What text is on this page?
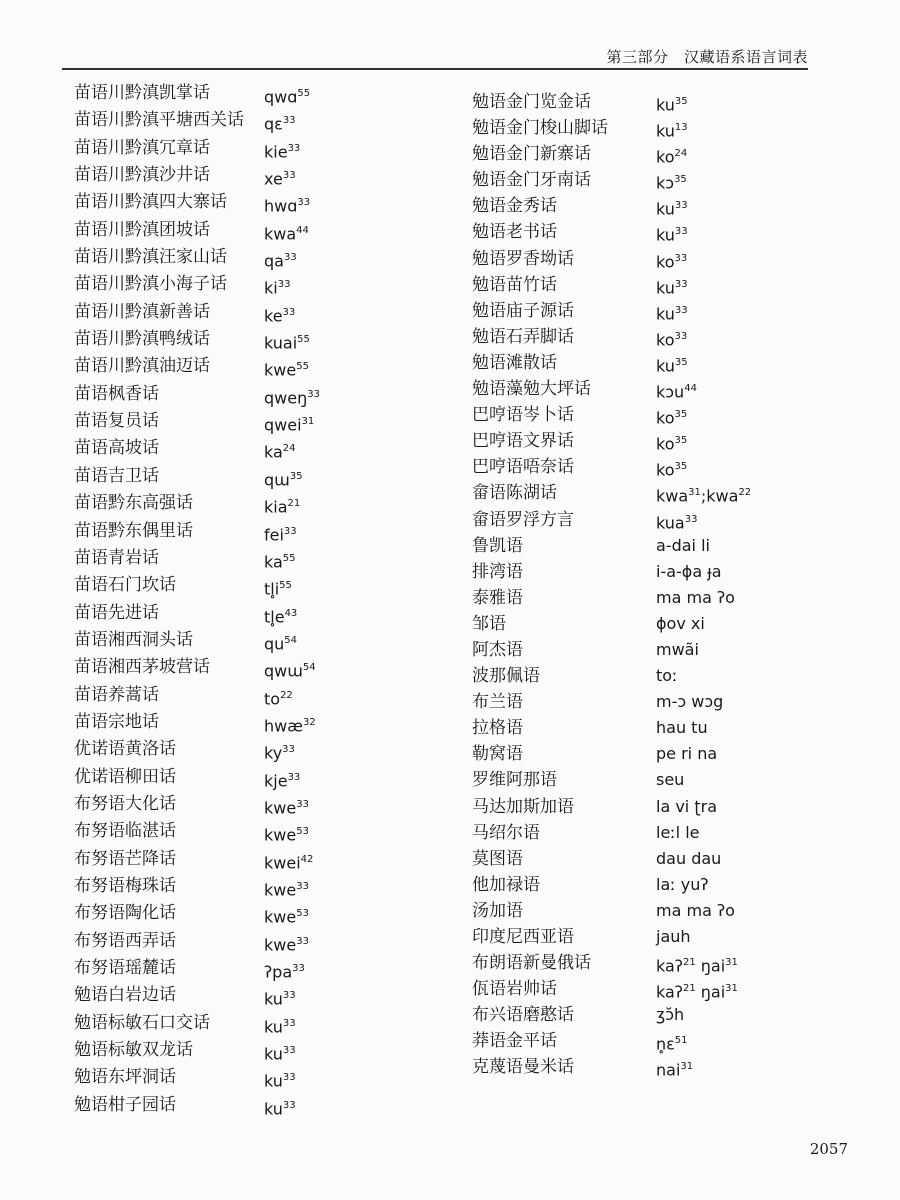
第三部分　汉藏语系语言词表
苗语川黔滇凯掌话	qwɑ$^{55}$
苗语川黔滇平塘西关话 qɛ$^{33}$
苗语川黔滇冗章话	kie$^{33}$
苗语川黔滇沙井话	$xe^{33}$
苗语川黔滇四大寨话 hwɑ$^{33}$
苗语川黔滇团坡话	kwa$^{44}$
苗语川黔滇汪家山话 $qa^{33}$
苗语川黔滇小海子话 $ki^{33}$
苗语川黔滇新善话	$ke^{33}$
苗语川黔滇鸭绒话	kuai$^{55}$
苗语川黔滇油迈话	kwe$^{55}$
苗语枫香话	qweŋ$^{33}$
苗语复员话	qwei$^{31}$
苗语高坡话	$ka^{24}$
苗语吉卫话	qɯ$^{35}$
苗语黔东高强话	kia$^{21}$
苗语黔东偶里话	fei$^{33}$
苗语青岩话	$ka^{55}$
苗语石门坎话	$tl̥i^{55}$
苗语先进话	$tl̥e^{43}$
苗语湘西洞头话	$qu^{54}$
苗语湘西茅坡营话	qwɯ$^{54}$
苗语养蒿话	$to^{22}$
苗语宗地话	hwæ$^{32}$
优诺语黄洛话	$ky^{33}$
优诺语柳田话	kje$^{33}$
布努语大化话	kwe$^{33}$
布努语临湛话	kwe$^{53}$
布努语芒降话	kwei$^{42}$
布努语梅珠话	kwe$^{33}$
布努语陶化话	kwe$^{53}$
布努语西弄话	kwe$^{33}$
布努语瑶麓话	ʔpa$^{33}$
勉语白岩边话	$ku^{33}$
勉语标敏石口交话	$ku^{33}$
勉语标敏双龙话	$ku^{33}$
勉语东坪洞话	$ku^{33}$
勉语柑子园话	$ku^{33}$
勉语金门览金话	$ku^{35}$
勉语金门梭山脚话	$ku^{13}$
勉语金门新寨话	$ko^{24}$
勉语金门牙南话	kɔ$^{35}$
勉语金秀话	$ku^{33}$
勉语老书话	$ku^{33}$
勉语罗香坳话	$ko^{33}$
勉语苗竹话	$ku^{33}$
勉语庙子源话	$ku^{33}$
勉语石弄脚话	$ko^{33}$
勉语滩散话	$ku^{35}$
勉语藻勉大坪话	kɔu$^{44}$
巴哼语岑卜话	$ko^{35}$
巴哼语文界话	$ko^{35}$
巴哼语唔奈话	$ko^{35}$
畲语陈湖话	kwa$^{31}$;kwa$^{22}$
畲语罗浮方言	kua$^{33}$
鲁凯语	a-dai li
排湾语	i-a-ɸa ɟa
泰雅语	ma ma ʔo
邹语	ɸov xi
阿杰语	mwãi
波那佩语	toː
布兰语	m-ɔ wɔg
拉格语	hau tu
勒窝语	pe ri na
罗维阿那语	seu
马达加斯加语	la vi ʈra
马绍尔语	leːl le
莫图语	dau dau
他加禄语	laː yuʔ
汤加语	ma ma ʔo
印度尼西亚语	jauh
布朗语新曼俄话	kaʔ$^{21}$ ŋai$^{31}$
佤语岩帅话	kaʔ$^{21}$ ŋai$^{31}$
布兴语磨憨话	ʒɔ̆h
莽语金平话	n̥ɛ$^{51}$
克蔑语曼米话	nai$^{31}$
2057
